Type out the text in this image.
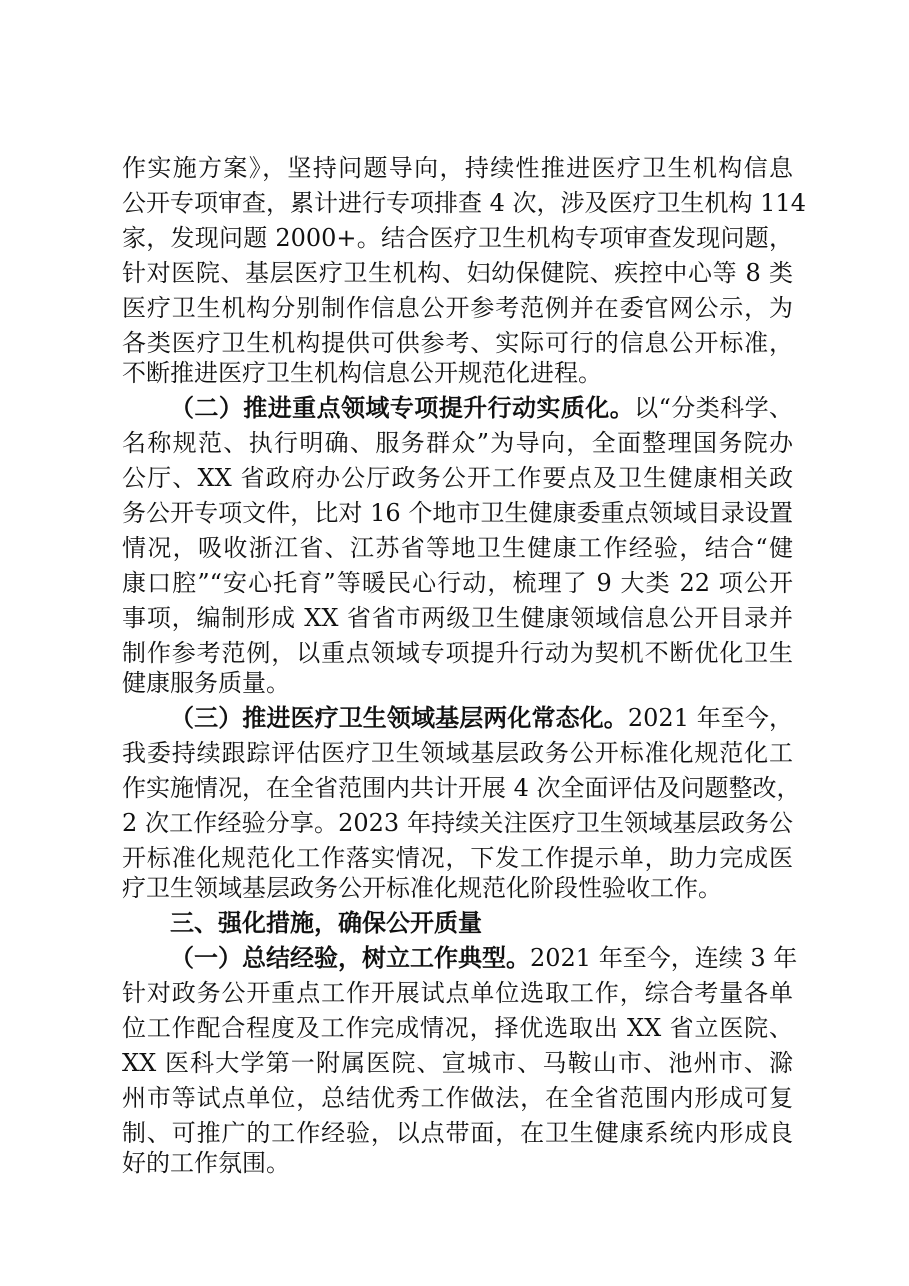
作实施方案》，坚持问题导向，持续性推进医疗卫生机构信息
公开专项审查，累计进行专项排查 4 次，涉及医疗卫生机构 114
家，发现问题 2000+。结合医疗卫生机构专项审查发现问题，
针对医院、基层医疗卫生机构、妇幼保健院、疾控中心等 8 类
医疗卫生机构分别制作信息公开参考范例并在委官网公示，为
各类医疗卫生机构提供可供参考、实际可行的信息公开标准，
不断推进医疗卫生机构信息公开规范化进程。
（二）推进重点领域专项提升行动实质化。以“分类科学、
名称规范、执行明确、服务群众”为导向，全面整理国务院办
公厅、XX 省政府办公厅政务公开工作要点及卫生健康相关政
务公开专项文件，比对 16 个地市卫生健康委重点领域目录设置
情况，吸收浙江省、江苏省等地卫生健康工作经验，结合“健
康口腔”“安心托育”等暖民心行动，梳理了 9 大类 22 项公开
事项，编制形成 XX 省省市两级卫生健康领域信息公开目录并
制作参考范例，以重点领域专项提升行动为契机不断优化卫生
健康服务质量。
（三）推进医疗卫生领域基层两化常态化。2021 年至今，
我委持续跟踪评估医疗卫生领域基层政务公开标准化规范化工
作实施情况，在全省范围内共计开展 4 次全面评估及问题整改，
2 次工作经验分享。2023 年持续关注医疗卫生领域基层政务公
开标准化规范化工作落实情况，下发工作提示单，助力完成医
疗卫生领域基层政务公开标准化规范化阶段性验收工作。
三、强化措施，确保公开质量
（一）总结经验，树立工作典型。2021 年至今，连续 3 年
针对政务公开重点工作开展试点单位选取工作，综合考量各单
位工作配合程度及工作完成情况，择优选取出 XX 省立医院、
XX 医科大学第一附属医院、宣城市、马鞍山市、池州市、滁
州市等试点单位，总结优秀工作做法，在全省范围内形成可复
制、可推广的工作经验，以点带面，在卫生健康系统内形成良
好的工作氛围。
